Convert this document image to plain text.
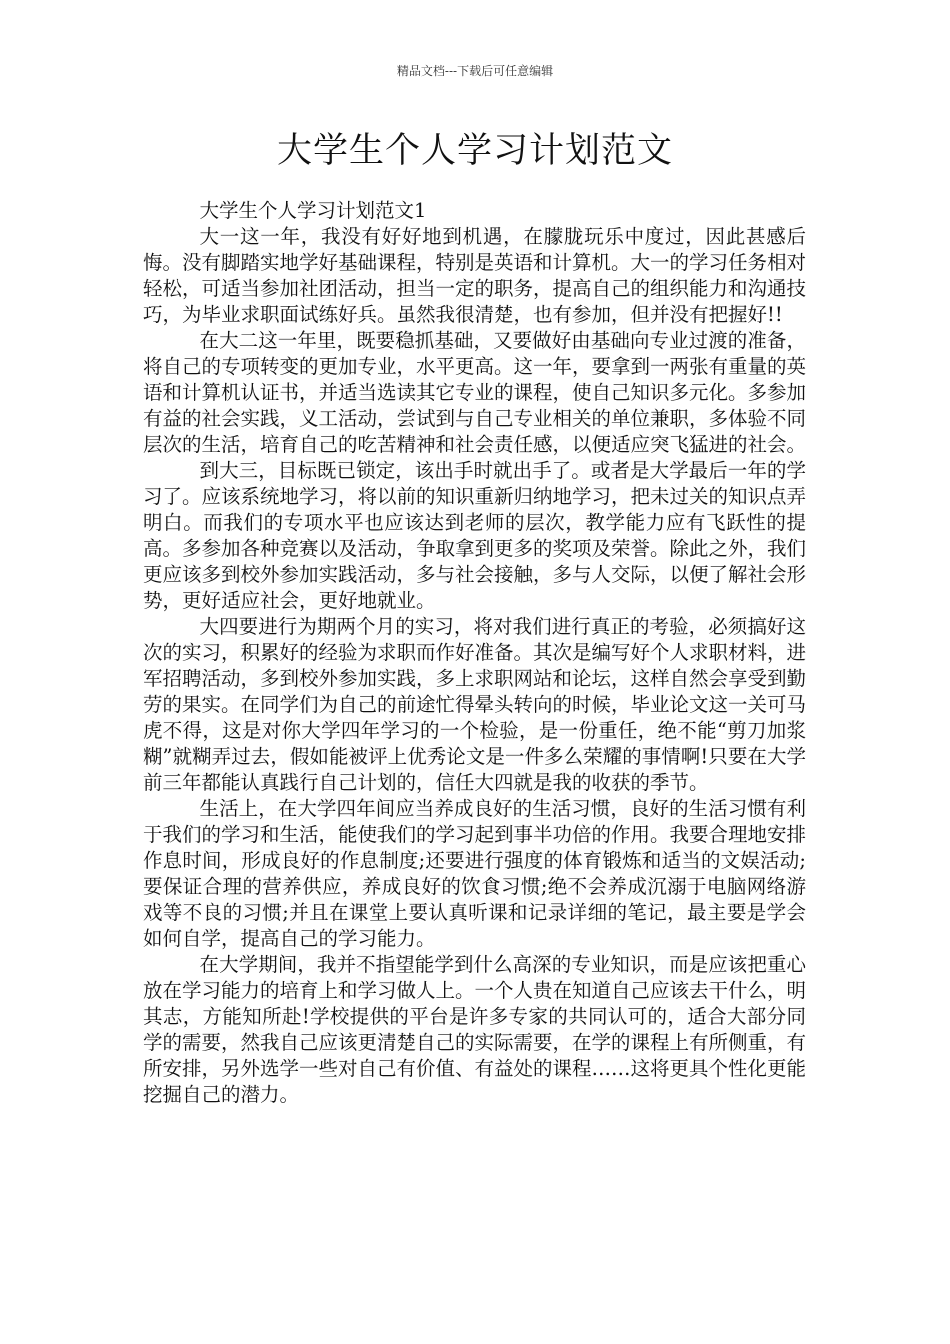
精品文档---下载后可任意编辑
大学生个人学习计划范文

大学生个人学习计划范文1

大一这一年，我没有好好地到机遇，在朦胧玩乐中度过，因此甚感后悔。没有脚踏实地学好基础课程，特别是英语和计算机。大一的学习任务相对轻松，可适当参加社团活动，担当一定的职务，提高自己的组织能力和沟通技巧，为毕业求职面试练好兵。虽然我很清楚，也有参加，但并没有把握好!!

在大二这一年里，既要稳抓基础，又要做好由基础向专业过渡的准备，将自己的专项转变的更加专业，水平更高。这一年，要拿到一两张有重量的英语和计算机认证书，并适当选读其它专业的课程，使自己知识多元化。多参加有益的社会实践，义工活动，尝试到与自己专业相关的单位兼职，多体验不同层次的生活，培育自己的吃苦精神和社会责任感，以便适应突飞猛进的社会。

到大三，目标既已锁定，该出手时就出手了。或者是大学最后一年的学习了。应该系统地学习，将以前的知识重新归纳地学习，把未过关的知识点弄明白。而我们的专项水平也应该达到老师的层次，教学能力应有飞跃性的提高。多参加各种竞赛以及活动，争取拿到更多的奖项及荣誉。除此之外，我们更应该多到校外参加实践活动，多与社会接触，多与人交际，以便了解社会形势，更好适应社会，更好地就业。

大四要进行为期两个月的实习，将对我们进行真正的考验，必须搞好这次的实习，积累好的经验为求职而作好准备。其次是编写好个人求职材料，进军招聘活动，多到校外参加实践，多上求职网站和论坛，这样自然会享受到勤劳的果实。在同学们为自己的前途忙得晕头转向的时候，毕业论文这一关可马虎不得，这是对你大学四年学习的一个检验，是一份重任，绝不能“剪刀加浆糊”就糊弄过去，假如能被评上优秀论文是一件多么荣耀的事情啊!只要在大学前三年都能认真践行自己计划的，信任大四就是我的收获的季节。

生活上，在大学四年间应当养成良好的生活习惯，良好的生活习惯有利于我们的学习和生活，能使我们的学习起到事半功倍的作用。我要合理地安排作息时间，形成良好的作息制度;还要进行强度的体育锻炼和适当的文娱活动;要保证合理的营养供应，养成良好的饮食习惯;绝不会养成沉溺于电脑网络游戏等不良的习惯;并且在课堂上要认真听课和记录详细的笔记，最主要是学会如何自学，提高自己的学习能力。

在大学期间，我并不指望能学到什么高深的专业知识，而是应该把重心放在学习能力的培育上和学习做人上。一个人贵在知道自己应该去干什么，明其志，方能知所赴!学校提供的平台是许多专家的共同认可的，适合大部分同学的需要，然我自己应该更清楚自己的实际需要，在学的课程上有所侧重，有所安排，另外选学一些对自己有价值、有益处的课程……这将更具个性化更能挖掘自己的潜力。
